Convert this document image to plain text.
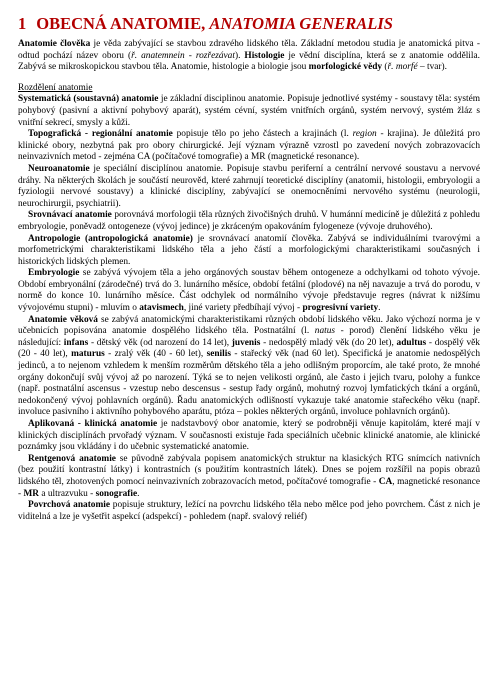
1 OBECNÁ ANATOMIE, ANATOMIA GENERALIS

Anatomie člověka je věda zabývající se stavbou zdravého lidského těla. Základní metodou studia je anatomická pitva - odtud pochází název oboru (ř. anatemnein - rozřezávat). Histologie je vědní disciplína, která se z anatomie oddělila. Zabývá se mikroskopickou stavbou těla. Anatomie, histologie a biologie jsou morfologické vědy (ř. morfé – tvar).

Rozdělení anatomie

Systematická (soustavná) anatomie je základní disciplinou anatomie. Popisuje jednotlivé systémy - soustavy těla: systém pohybový (pasivní a aktivní pohybový aparát), systém cévní, systém vnitřních orgánů, systém nervový, systém žláz s vnitřní sekrecí, smysly a kůži.

Topografická - regionální anatomie popisuje tělo po jeho částech a krajinách (l. region - krajina). Je důležitá pro klinické obory, nezbytná pak pro obory chirurgické. Její význam výrazně vzrostl po zavedení nových zobrazovacích neinvazivních metod - zejména CA (počítačové tomografie) a MR (magnetické resonance).

Neuroanatomie je speciální disciplínou anatomie. Popisuje stavbu periferní a centrální nervové soustavu a nervové dráhy. Na některých školách je součástí neurověd, které zahrnují teoretické disciplíny (anatomii, histologii, embryologii a fyziologii nervové soustavy) a klinické disciplíny, zabývající se onemocněními nervového systému (neurologii, neurochirurgii, psychiatrii).

Srovnávací anatomie porovnává morfologii těla různých živočišných druhů. V humánní medicíně je důležitá z pohledu embryologie, poněvadž ontogeneze (vývoj jedince) je zkráceným opakováním fylogeneze (vývoje druhového).

Antropologie (antropologická anatomie) je srovnávací anatomií člověka. Zabývá se individuálními tvarovými a morfometrickými charakteristikami lidského těla a jeho částí a morfologickými charakteristikami současných i historických lidských plemen.

Embryologie se zabývá vývojem těla a jeho orgánových soustav během ontogeneze a odchylkami od tohoto vývoje. Období embryonální (zárodečné) trvá do 3. lunárního měsíce, období fetální (plodové) na něj navazuje a trvá do porodu, v normě do konce 10. lunárního měsíce. Část odchylek od normálního vývoje představuje regres (návrat k nižšímu vývojovému stupni) - mluvím o atavismech, jiné variety předbíhají vývoj - progresivní variety.

Anatomie věková se zabývá anatomickými charakteristikami různých období lidského věku. Jako výchozí norma je v učebnicích popisována anatomie dospělého lidského těla. Postnatální (l. natus - porod) členění lidského věku je následující: infans - dětský věk (od narození do 14 let), juvenis - nedospělý mladý věk (do 20 let), adultus - dospělý věk (20 - 40 let), maturus - zralý věk (40 - 60 let), senilis - stařecký věk (nad 60 let). Specifická je anatomie nedospělých jedinců, a to nejenom vzhledem k menším rozměrům dětského těla a jeho odlišným proporcím, ale také proto, že mnohé orgány dokončují svůj vývoj až po narození. Týká se to nejen velikosti orgánů, ale často i jejich tvaru, polohy a funkce (např. postnatální ascensus - vzestup nebo descensus - sestup řady orgánů, mohutný rozvoj lymfatických tkání a orgánů, nedokončený vývoj pohlavních orgánů). Řadu anatomických odlišností vykazuje také anatomie stařeckého věku (např. involuce pasivního i aktivního pohybového aparátu, ptóza – pokles některých orgánů, involuce pohlavních orgánů).

Aplikovaná - klinická anatomie je nadstavbový obor anatomie, který se podrobněji věnuje kapitolám, které mají v klinických disciplínách prvořadý význam. V současnosti existuje řada speciálních učebnic klinické anatomie, ale klinické poznámky jsou vkládány i do učebnic systematické anatomie.

Rentgenová anatomie se původně zabývala popisem anatomických struktur na klasických RTG snímcích nativních (bez použití kontrastní látky) i kontrastních (s použitím kontrastních látek). Dnes se pojem rozšířil na popis obrazů lidského těl, zhotovených pomocí neinvazivních zobrazovacích metod, počítačové tomografie - CA, magnetické resonance - MR a ultrazvuku - sonografie.

Povrchová anatomie popisuje struktury, ležící na povrchu lidského těla nebo mělce pod jeho povrchem. Část z nich je viditelná a lze je vyšetřit aspekcí (adspekcí) - pohledem (např. svalový reliéf)
